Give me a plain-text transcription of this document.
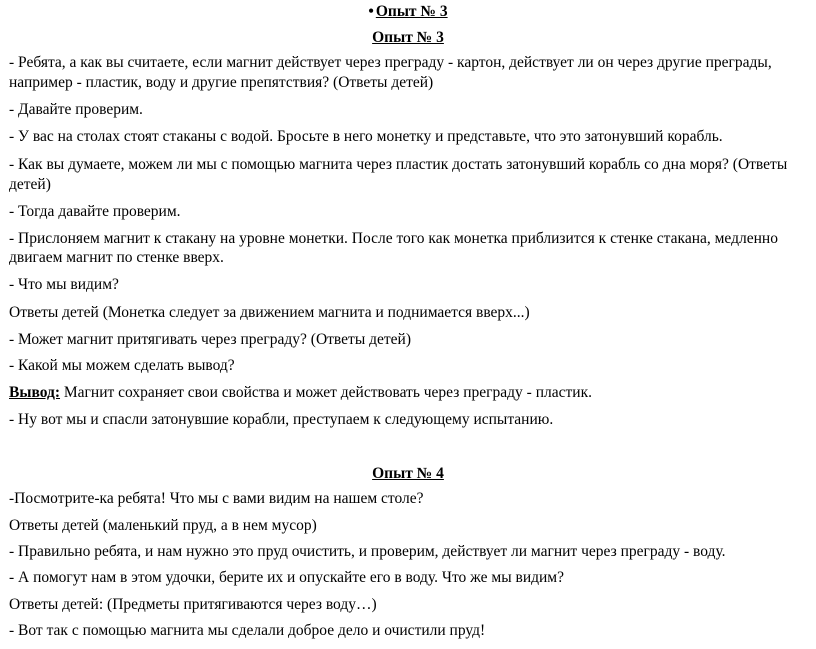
• Опыт № 3
Опыт № 3
- Ребята, а как вы считаете, если магнит действует через преграду - картон, действует ли он через другие преграды,
например - пластик, воду и другие препятствия? (Ответы детей)
- Давайте проверим.
- У вас на столах стоят стаканы с водой. Бросьте в него монетку и представьте, что это затонувший корабль.
- Как вы думаете, можем ли мы с помощью магнита через пластик достать затонувший корабль со дна моря? (Ответы
детей)
- Тогда давайте проверим.
- Прислоняем магнит к стакану на уровне монетки. После того как монетка приблизится к стенке стакана, медленно
двигаем магнит по стенке вверх.
- Что мы видим?
Ответы детей (Монетка следует за движением магнита и поднимается вверх...)
- Может магнит притягивать через преграду? (Ответы детей)
- Какой мы можем сделать вывод?
Вывод: Магнит сохраняет свои свойства и может действовать через преграду - пластик.
- Ну вот мы и спасли затонувшие корабли, преступаем к следующему испытанию.
Опыт № 4
-Посмотрите-ка ребята! Что мы с вами видим на нашем столе?
Ответы детей (маленький пруд, а в нем мусор)
- Правильно ребята, и нам нужно это пруд очистить, и проверим, действует ли магнит через преграду - воду.
- А помогут нам в этом удочки, берите их и опускайте его в воду. Что же мы видим?
Ответы детей: (Предметы притягиваются через воду…)
- Вот так с помощью магнита мы сделали доброе дело и очистили пруд!
